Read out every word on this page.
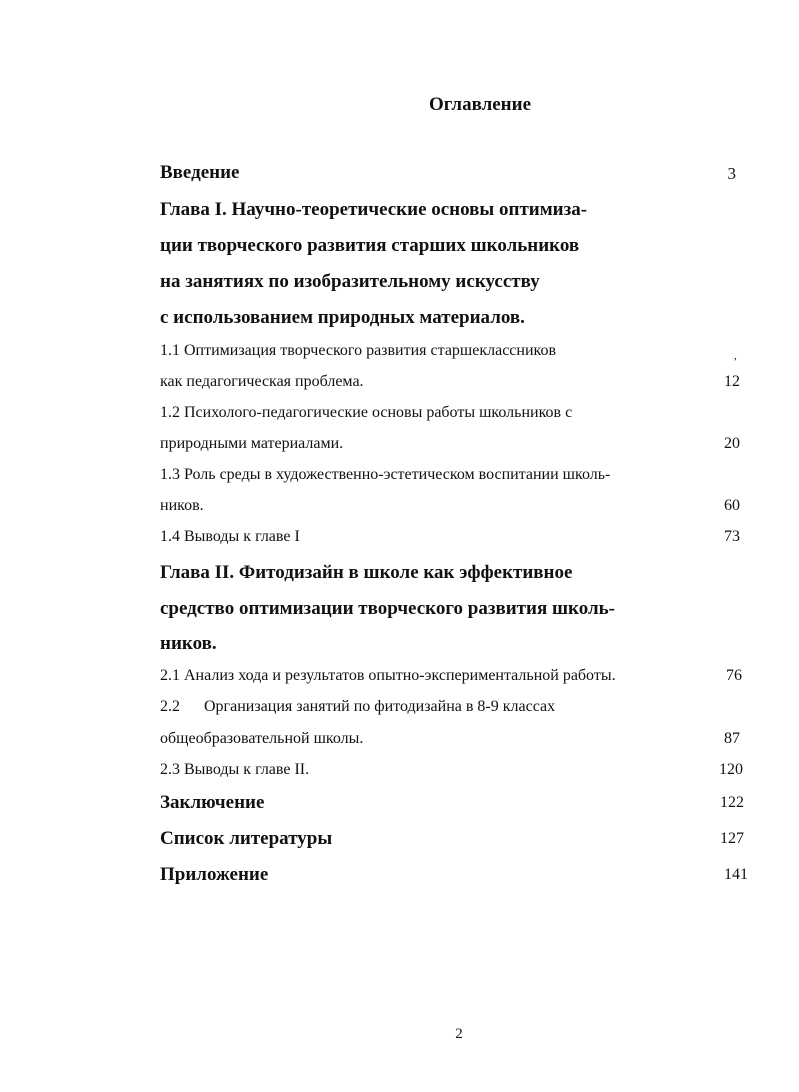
Оглавление
Введение	3
Глава I. Научно-теоретические основы оптимиза-
ции творческого развития старших школьников
на занятиях по изобразительному искусству
с использованием природных материалов.
1.1 Оптимизация творческого развития старшеклассников	,
как педагогическая проблема.	12
1.2 Психолого-педагогические основы работы школьников с
природными материалами.	20
1.3 Роль среды в художественно-эстетическом воспитании школь-
ников.	60
1.4 Выводы к главе I	73
Глава II. Фитодизайн в школе как эффективное
средство оптимизации творческого развития школь-
ников.
2.1 Анализ хода и результатов опытно-экспериментальной работы.	76
2.2      Организация занятий по фитодизайна в 8-9 классах
общеобразовательной школы.	87
2.3 Выводы к главе II.	120
Заключение	122
Список литературы	127
Приложение	141
2
